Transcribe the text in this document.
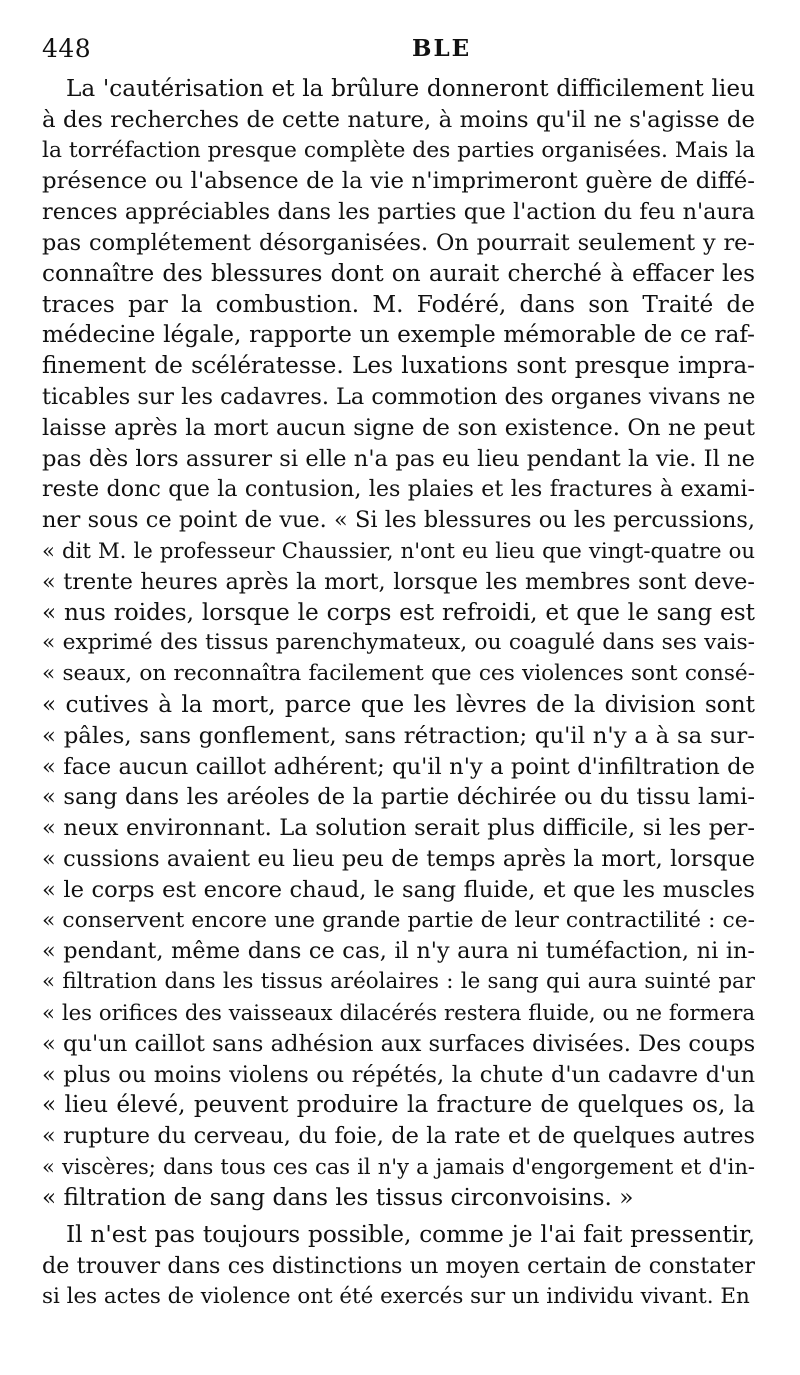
448	BLE
La 'cautérisation et la brûlure donneront difficilement lieu
à des recherches de cette nature, à moins qu'il ne s'agisse de
la torréfaction presque complète des parties organisées. Mais la
présence ou l'absence de la vie n'imprimeront guère de diffé-
rences appréciables dans les parties que l'action du feu n'aura
pas complétement désorganisées. On pourrait seulement y re-
connaître des blessures dont on aurait cherché à effacer les
traces par la combustion. M. Fodéré, dans son Traité de
médecine légale, rapporte un exemple mémorable de ce raf-
finement de scélératesse. Les luxations sont presque impra-
ticables sur les cadavres. La commotion des organes vivans ne
laisse après la mort aucun signe de son existence. On ne peut
pas dès lors assurer si elle n'a pas eu lieu pendant la vie. Il ne
reste donc que la contusion, les plaies et les fractures à exami-
ner sous ce point de vue. « Si les blessures ou les percussions,
« dit M. le professeur Chaussier, n'ont eu lieu que vingt-quatre ou
« trente heures après la mort, lorsque les membres sont deve-
« nus roides, lorsque le corps est refroidi, et que le sang est
« exprimé des tissus parenchymateux, ou coagulé dans ses vais-
« seaux, on reconnaîtra facilement que ces violences sont consé-
« cutives à la mort, parce que les lèvres de la division sont
« pâles, sans gonflement, sans rétraction; qu'il n'y a à sa sur-
« face aucun caillot adhérent; qu'il n'y a point d'infiltration de
« sang dans les aréoles de la partie déchirée ou du tissu lami-
« neux environnant. La solution serait plus difficile, si les per-
« cussions avaient eu lieu peu de temps après la mort, lorsque
« le corps est encore chaud, le sang fluide, et que les muscles
« conservent encore une grande partie de leur contractilité : ce-
« pendant, même dans ce cas, il n'y aura ni tuméfaction, ni in-
« filtration dans les tissus aréolaires : le sang qui aura suinté par
« les orifices des vaisseaux dilacérés restera fluide, ou ne formera
« qu'un caillot sans adhésion aux surfaces divisées. Des coups
« plus ou moins violens ou répétés, la chute d'un cadavre d'un
« lieu élevé, peuvent produire la fracture de quelques os, la
« rupture du cerveau, du foie, de la rate et de quelques autres
« viscères; dans tous ces cas il n'y a jamais d'engorgement et d'in-
« filtration de sang dans les tissus circonvoisins. »
Il n'est pas toujours possible, comme je l'ai fait pressentir,
de trouver dans ces distinctions un moyen certain de constater
si les actes de violence ont été exercés sur un individu vivant. En
